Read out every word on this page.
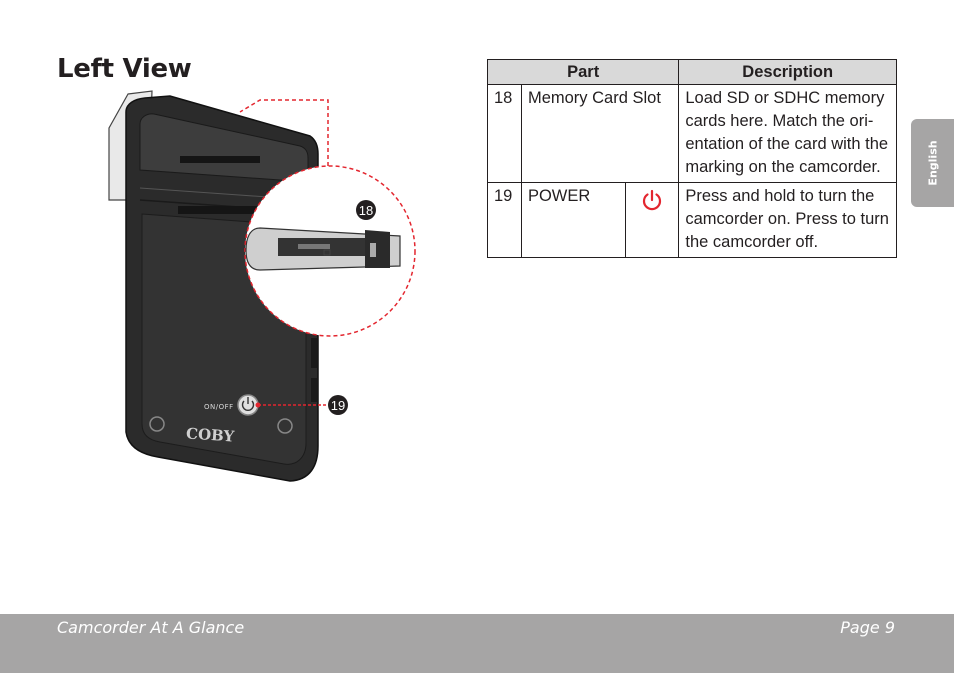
Left View
English
ON/OFF
COBY
18
19
Part			Description
18	Memory Card Slot		Load SD or SDHC memory cards here. Match the ori-entation of the card with the marking on the camcorder.
19	POWER		Press and hold to turn the camcorder on. Press to turn the camcorder off.
Camcorder At A Glance	Page 9
